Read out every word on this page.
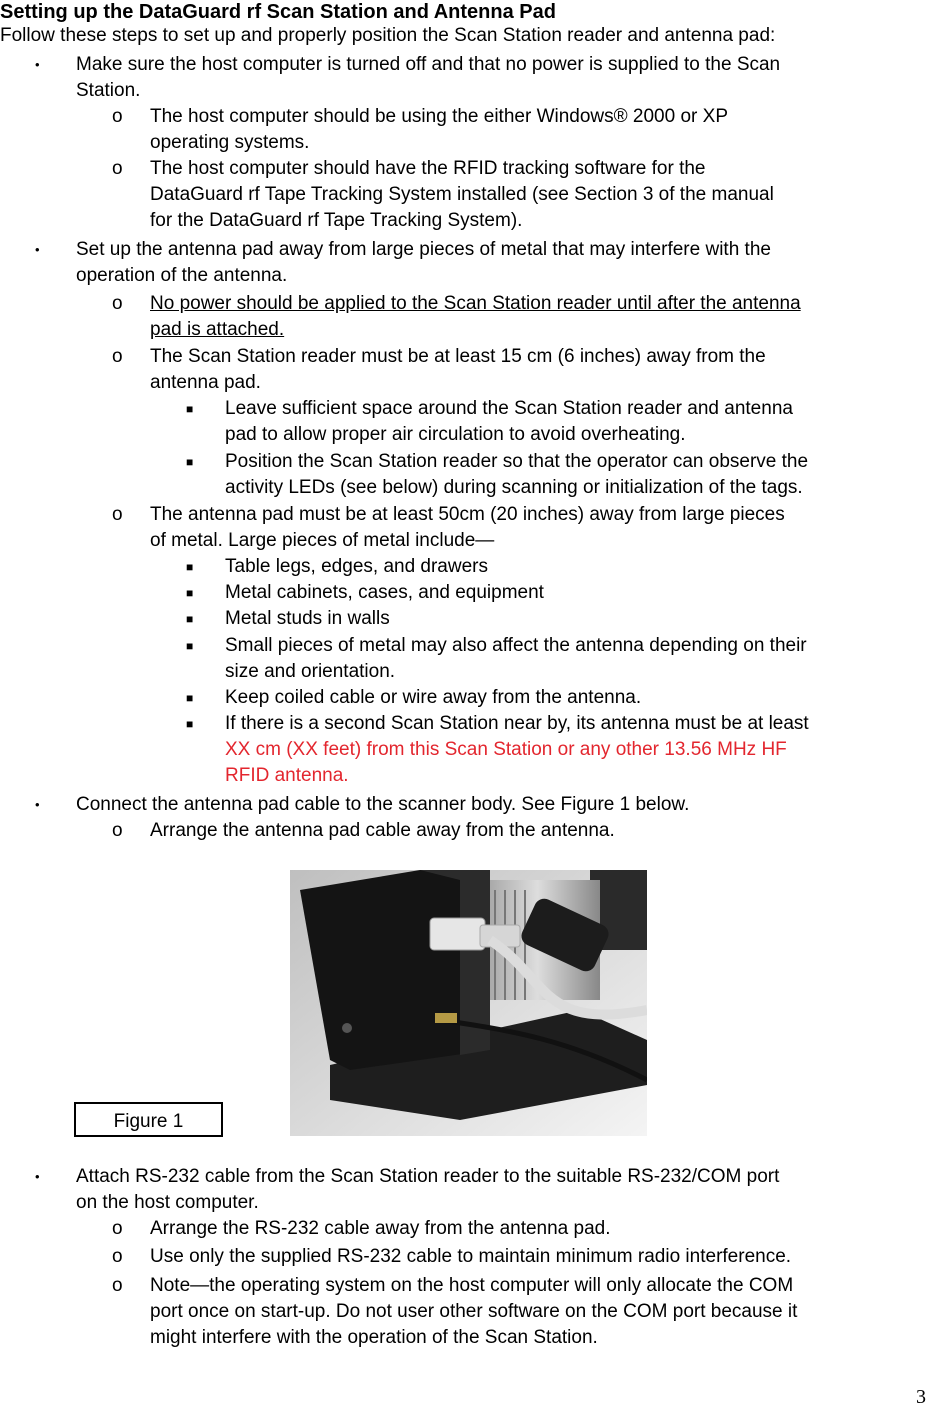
Setting up the DataGuard rf Scan Station and Antenna Pad
Follow these steps to set up and properly position the Scan Station reader and antenna pad:
• Make sure the host computer is turned off and that no power is supplied to the Scan
Station.
o The host computer should be using the either Windows® 2000 or XP
operating systems.
o The host computer should have the RFID tracking software for the
DataGuard rf Tape Tracking System installed (see Section 3 of the manual
for the DataGuard rf Tape Tracking System).
• Set up the antenna pad away from large pieces of metal that may interfere with the
operation of the antenna.
o No power should be applied to the Scan Station reader until after the antenna
pad is attached.
o The Scan Station reader must be at least 15 cm (6 inches) away from the
antenna pad.
■ Leave sufficient space around the Scan Station reader and antenna
pad to allow proper air circulation to avoid overheating.
■ Position the Scan Station reader so that the operator can observe the
activity LEDs (see below) during scanning or initialization of the tags.
o The antenna pad must be at least 50cm (20 inches) away from large pieces
of metal. Large pieces of metal include—
■ Table legs, edges, and drawers
■ Metal cabinets, cases, and equipment
■ Metal studs in walls
■ Small pieces of metal may also affect the antenna depending on their
size and orientation.
■ Keep coiled cable or wire away from the antenna.
■ If there is a second Scan Station near by, its antenna must be at least
XX cm (XX feet) from this Scan Station or any other 13.56 MHz HF
RFID antenna.
• Connect the antenna pad cable to the scanner body. See Figure 1 below.
o Arrange the antenna pad cable away from the antenna.
Figure 1
• Attach RS-232 cable from the Scan Station reader to the suitable RS-232/COM port
on the host computer.
o Arrange the RS-232 cable away from the antenna pad.
o Use only the supplied RS-232 cable to maintain minimum radio interference.
o Note—the operating system on the host computer will only allocate the COM
port once on start-up. Do not user other software on the COM port because it
might interfere with the operation of the Scan Station.
3
